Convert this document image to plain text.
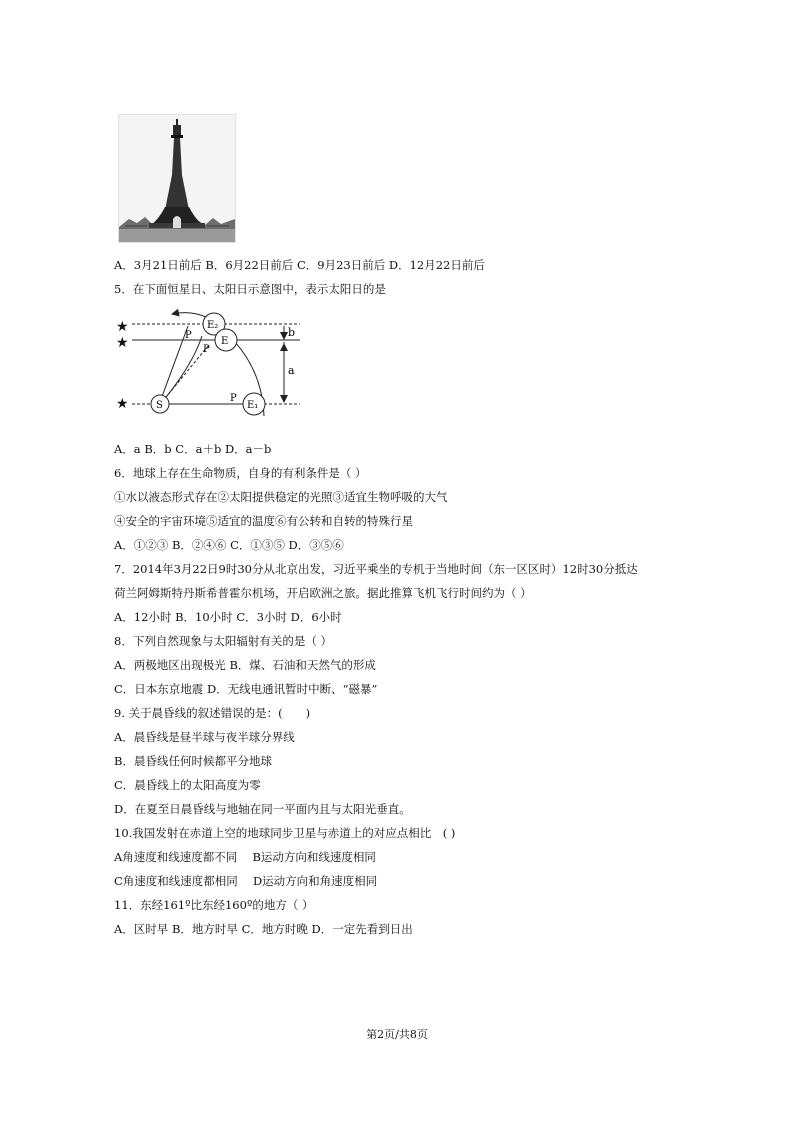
A．3月21日前后 B．6月22日前后 C．9月23日前后 D．12月22日前后
5．在下面恒星日、太阳日示意图中，表示太阳日的是
★
★
★	S
E₂
E
E₁
P
P
P
b
a
A．a B．b C．a＋b D．a－b
6．地球上存在生命物质，自身的有利条件是（ ）
①水以液态形式存在②太阳提供稳定的光照③适宜生物呼吸的大气
④安全的宇宙环境⑤适宜的温度⑥有公转和自转的特殊行星
A．①②③ B．②④⑥ C．①③⑤ D．③⑤⑥
7．2014年3月22日9时30分从北京出发，习近平乘坐的专机于当地时间（东一区区时）12时30分抵达
荷兰阿姆斯特丹斯希普霍尔机场，开启欧洲之旅。据此推算飞机飞行时间约为（ ）
A．12小时 B．10小时 C．3小时 D．6小时
8．下列自然现象与太阳辐射有关的是（ ）
A．两极地区出现极光 B．煤、石油和天然气的形成
C．日本东京地震 D．无线电通讯暂时中断、“磁暴”
9. 关于晨昏线的叙述错误的是：(　　)
A．晨昏线是昼半球与夜半球分界线
B．晨昏线任何时候都平分地球
C．晨昏线上的太阳高度为零
D．在夏至日晨昏线与地轴在同一平面内且与太阳光垂直。
10.我国发射在赤道上空的地球同步卫星与赤道上的对应点相比　( )
A角速度和线速度都不同　 B运动方向和线速度相同
C角速度和线速度都相同　 D运动方向和角速度相同
11．东经161º比东经160º的地方（ ）
A．区时早 B．地方时早 C．地方时晚 D．一定先看到日出
第2页/共8页
